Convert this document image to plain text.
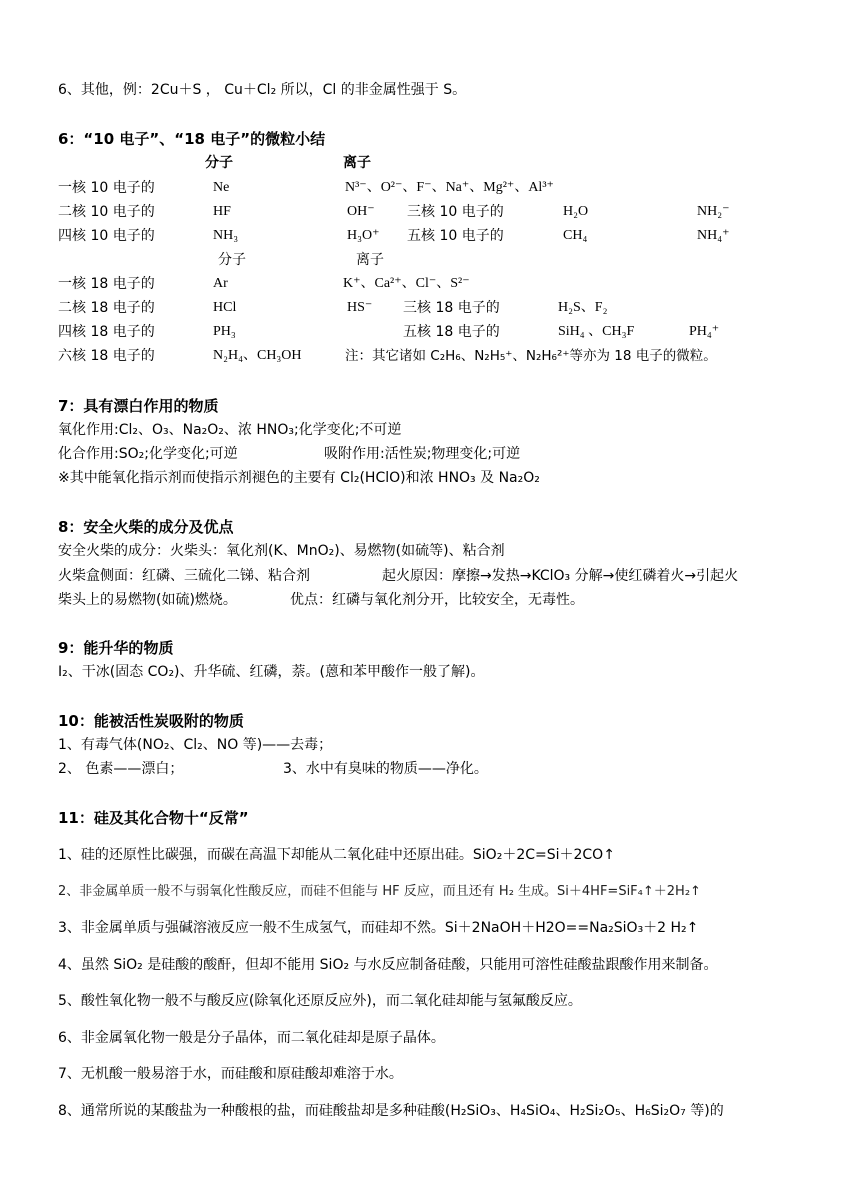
6、其他，例：2Cu＋S ， Cu＋Cl₂ 所以，Cl 的非金属性强于 S。
6：“10 电子”、“18 电子”的微粒小结
分子	离子
一核 10 电子的	Ne	N³⁻、O²⁻、F⁻、Na⁺、Mg²⁺、Al³⁺
二核 10 电子的	HF	OH⁻ 三核 10 电子的	H₂O	NH₂⁻
四核 10 电子的	NH₃	H₃O⁺ 五核 10 电子的	CH₄	NH₄⁺
分子	离子
一核 18 电子的	Ar	K⁺、Ca²⁺、Cl⁻、S²⁻
二核 18 电子的	HCl	HS⁻ 三核 18 电子的	H₂S、F₂
四核 18 电子的	PH₃	五核 18 电子的	SiH₄ 、CH₃F	PH₄⁺
六核 18 电子的	N₂H₄、CH₃OH	注：其它诸如 C₂H₆、N₂H₅⁺、N₂H₆²⁺等亦为 18 电子的微粒。
7：具有漂白作用的物质
氧化作用:Cl₂、O₃、Na₂O₂、浓 HNO₃;化学变化;不可逆
化合作用:SO₂;化学变化;可逆	吸附作用:活性炭;物理变化;可逆
※其中能氧化指示剂而使指示剂褪色的主要有 Cl₂(HClO)和浓 HNO₃ 及 Na₂O₂
8：安全火柴的成分及优点
安全火柴的成分：火柴头：氧化剂(K、MnO₂)、易燃物(如硫等)、粘合剂
火柴盒侧面：红磷、三硫化二锑、粘合剂	起火原因：摩擦→发热→KClO₃ 分解→使红磷着火→引起火
柴头上的易燃物(如硫)燃烧。	优点：红磷与氧化剂分开，比较安全，无毒性。
9：能升华的物质
I₂、干冰(固态 CO₂)、升华硫、红磷，萘。(蒽和苯甲酸作一般了解)。
10：能被活性炭吸附的物质
1、有毒气体(NO₂、Cl₂、NO 等)——去毒；
2、 色素——漂白；	3、水中有臭味的物质——净化。
11：硅及其化合物十“反常”
1、硅的还原性比碳强，而碳在高温下却能从二氧化硅中还原出硅。SiO₂＋2C=Si＋2CO↑
2、非金属单质一般不与弱氧化性酸反应，而硅不但能与 HF 反应，而且还有 H₂ 生成。Si＋4HF=SiF₄↑＋2H₂↑
3、非金属单质与强碱溶液反应一般不生成氢气，而硅却不然。Si＋2NaOH＋H2O==Na₂SiO₃＋2 H₂↑
4、虽然 SiO₂ 是硅酸的酸酐，但却不能用 SiO₂ 与水反应制备硅酸，只能用可溶性硅酸盐跟酸作用来制备。
5、酸性氧化物一般不与酸反应(除氧化还原反应外)，而二氧化硅却能与氢氟酸反应。
6、非金属氧化物一般是分子晶体，而二氧化硅却是原子晶体。
7、无机酸一般易溶于水，而硅酸和原硅酸却难溶于水。
8、通常所说的某酸盐为一种酸根的盐，而硅酸盐却是多种硅酸(H₂SiO₃、H₄SiO₄、H₂Si₂O₅、H₆Si₂O₇ 等)的
